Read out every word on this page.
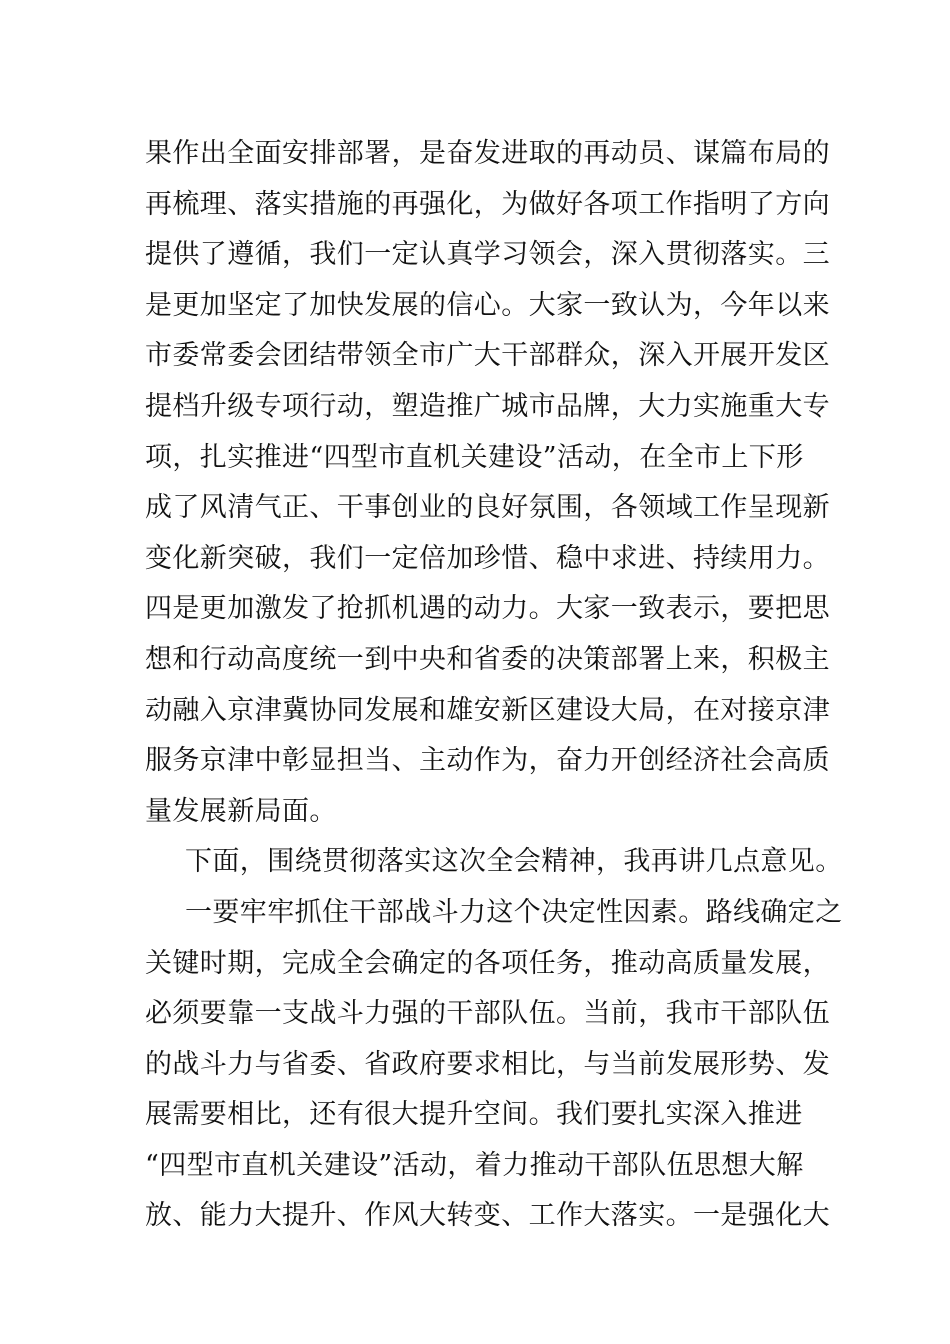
果作出全面安排部署，是奋发进取的再动员、谋篇布局的
再梳理、落实措施的再强化，为做好各项工作指明了方向
提供了遵循，我们一定认真学习领会，深入贯彻落实。三
是更加坚定了加快发展的信心。大家一致认为，今年以来
市委常委会团结带领全市广大干部群众，深入开展开发区
提档升级专项行动，塑造推广城市品牌，大力实施重大专
项，扎实推进“四型市直机关建设”活动，在全市上下形
成了风清气正、干事创业的良好氛围，各领域工作呈现新
变化新突破，我们一定倍加珍惜、稳中求进、持续用力。
四是更加激发了抢抓机遇的动力。大家一致表示，要把思
想和行动高度统一到中央和省委的决策部署上来，积极主
动融入京津冀协同发展和雄安新区建设大局，在对接京津
服务京津中彰显担当、主动作为，奋力开创经济社会高质
量发展新局面。
下面，围绕贯彻落实这次全会精神，我再讲几点意见。
一要牢牢抓住干部战斗力这个决定性因素。路线确定之
关键时期，完成全会确定的各项任务，推动高质量发展，
必须要靠一支战斗力强的干部队伍。当前，我市干部队伍
的战斗力与省委、省政府要求相比，与当前发展形势、发
展需要相比，还有很大提升空间。我们要扎实深入推进
“四型市直机关建设”活动，着力推动干部队伍思想大解
放、能力大提升、作风大转变、工作大落实。一是强化大
